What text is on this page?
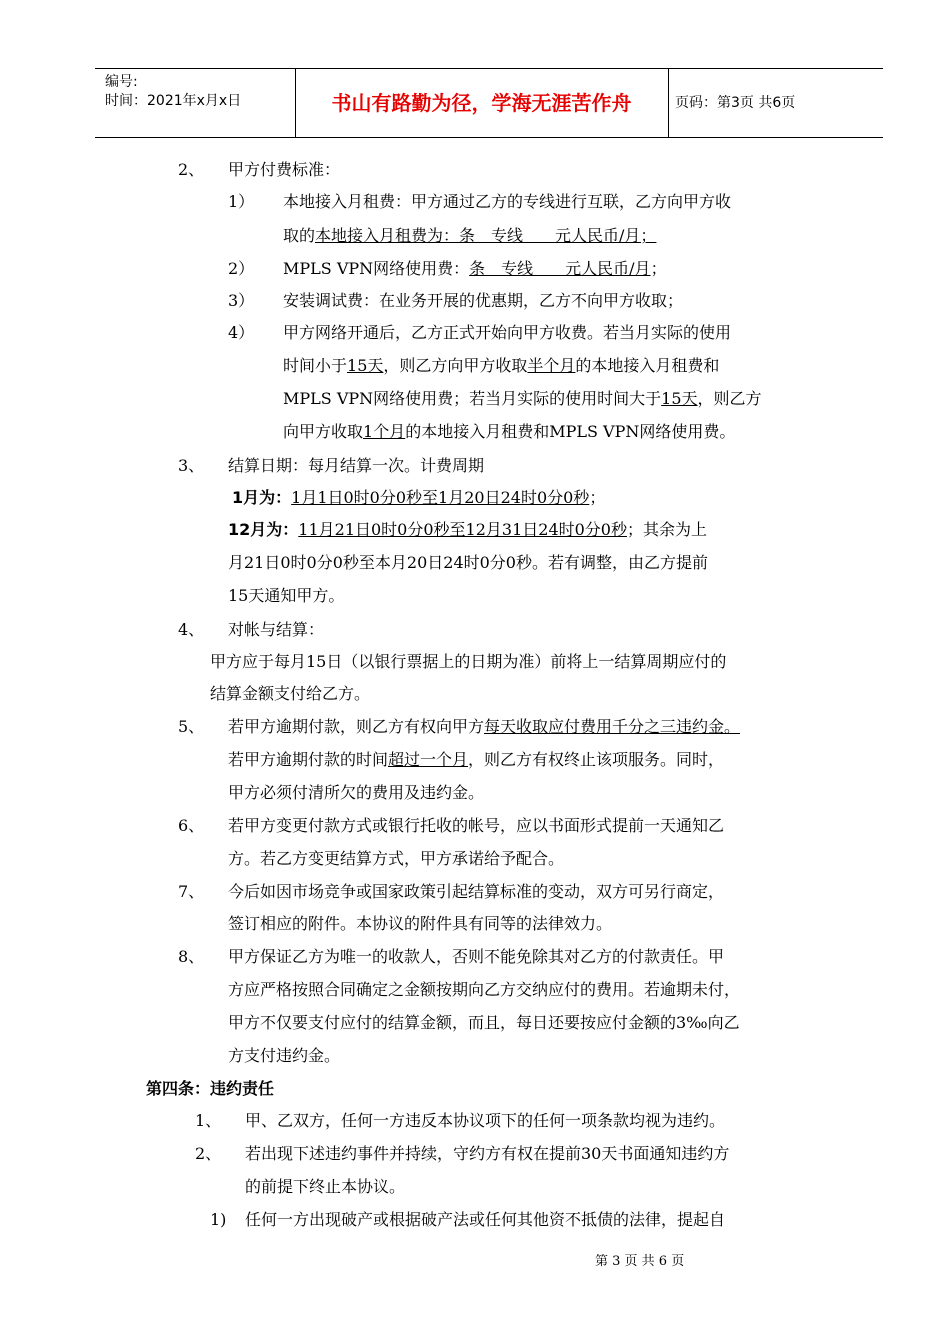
编号:
时间：2021年x月x日	书山有路勤为径，学海无涯苦作舟	页码：第3页 共6页
2、 甲方付费标准：
1） 本地接入月租费：甲方通过乙方的专线进行互联，乙方向甲方收
取的本地接入月租费为：条　专线　　元人民币/月；
2） MPLS VPN网络使用费：条　专线　　元人民币/月；
3） 安装调试费：在业务开展的优惠期，乙方不向甲方收取；
4） 甲方网络开通后，乙方正式开始向甲方收费。若当月实际的使用
时间小于15天，则乙方向甲方收取半个月的本地接入月租费和
MPLS VPN网络使用费；若当月实际的使用时间大于15天，则乙方
向甲方收取1个月的本地接入月租费和MPLS VPN网络使用费。
3、 结算日期：每月结算一次。计费周期
1月为：1月1日0时0分0秒至1月20日24时0分0秒；
12月为：11月21日0时0分0秒至12月31日24时0分0秒；其余为上
月21日0时0分0秒至本月20日24时0分0秒。若有调整，由乙方提前
15天通知甲方。
4、 对帐与结算：
甲方应于每月15日（以银行票据上的日期为准）前将上一结算周期应付的
结算金额支付给乙方。
5、 若甲方逾期付款，则乙方有权向甲方每天收取应付费用千分之三违约金。
若甲方逾期付款的时间超过一个月，则乙方有权终止该项服务。同时，
甲方必须付清所欠的费用及违约金。
6、 若甲方变更付款方式或银行托收的帐号，应以书面形式提前一天通知乙
方。若乙方变更结算方式，甲方承诺给予配合。
7、 今后如因市场竞争或国家政策引起结算标准的变动，双方可另行商定，
签订相应的附件。本协议的附件具有同等的法律效力。
8、 甲方保证乙方为唯一的收款人，否则不能免除其对乙方的付款责任。甲
方应严格按照合同确定之金额按期向乙方交纳应付的费用。若逾期未付，
甲方不仅要支付应付的结算金额，而且，每日还要按应付金额的3‰向乙
方支付违约金。
第四条：违约责任
1、 甲、乙双方，任何一方违反本协议项下的任何一项条款均视为违约。
2、 若出现下述违约事件并持续，守约方有权在提前30天书面通知违约方
的前提下终止本协议。
1) 任何一方出现破产或根据破产法或任何其他资不抵债的法律，提起自
第 3 页 共 6 页
